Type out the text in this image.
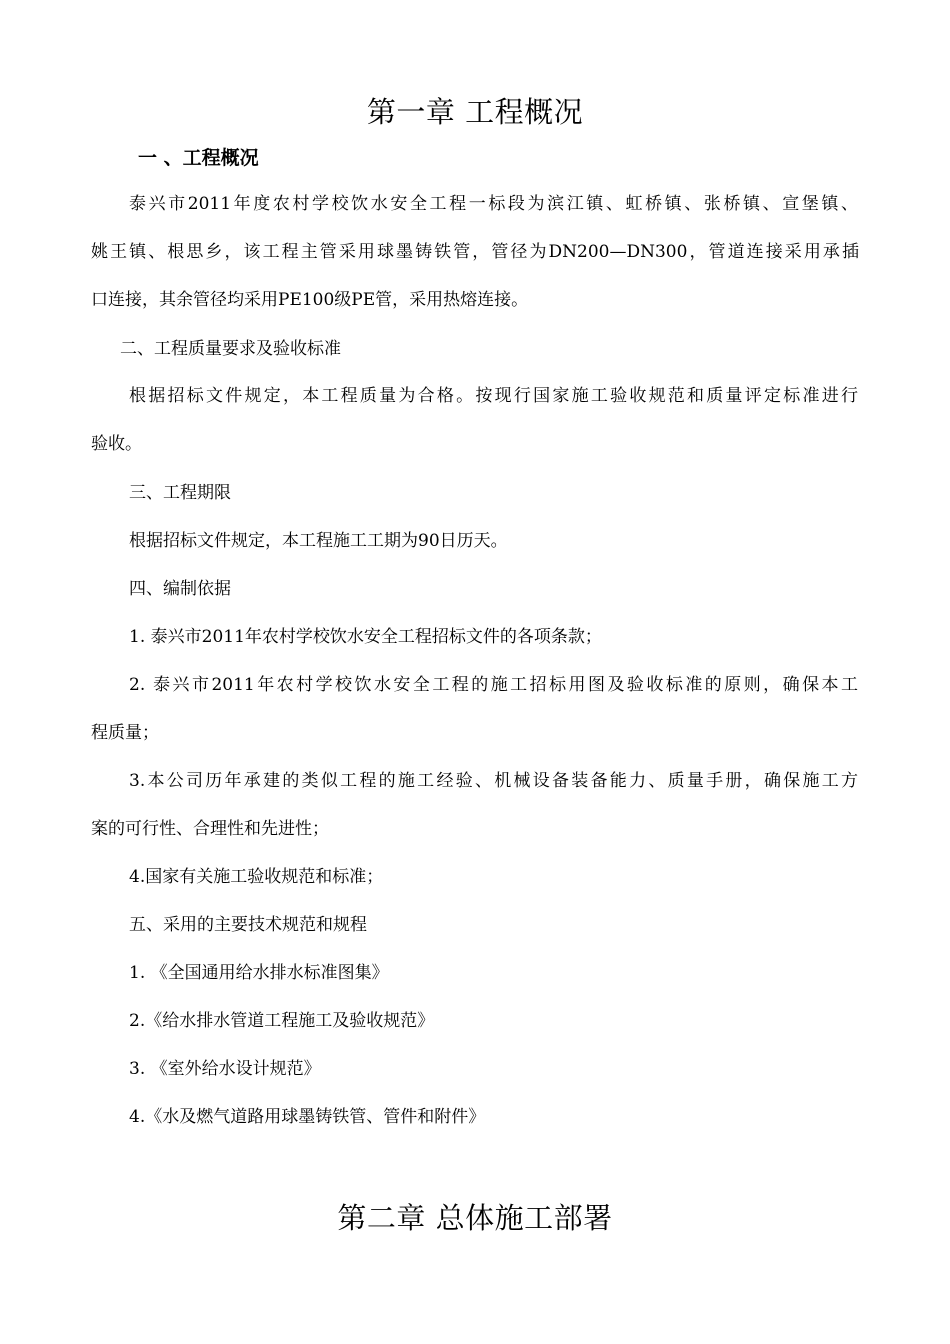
第一章 工程概况
一 、工程概况
泰兴市2011年度农村学校饮水安全工程一标段为滨江镇、虹桥镇、张桥镇、宣堡镇、
姚王镇、根思乡，该工程主管采用球墨铸铁管，管径为DN200—DN300，管道连接采用承插
口连接，其余管径均采用PE100级PE管，采用热熔连接。
二、工程质量要求及验收标准
根据招标文件规定，本工程质量为合格。按现行国家施工验收规范和质量评定标准进行
验收。
三、工程期限
根据招标文件规定，本工程施工工期为90日历天。
四、编制依据
1. 泰兴市2011年农村学校饮水安全工程招标文件的各项条款；
2. 泰兴市2011年农村学校饮水安全工程的施工招标用图及验收标准的原则，确保本工
程质量；
3.本公司历年承建的类似工程的施工经验、机械设备装备能力、质量手册，确保施工方
案的可行性、合理性和先进性；
4.国家有关施工验收规范和标准；
五、采用的主要技术规范和规程
1. 《全国通用给水排水标准图集》
2.《给水排水管道工程施工及验收规范》
3. 《室外给水设计规范》
4.《水及燃气道路用球墨铸铁管、管件和附件》
第二章 总体施工部署
